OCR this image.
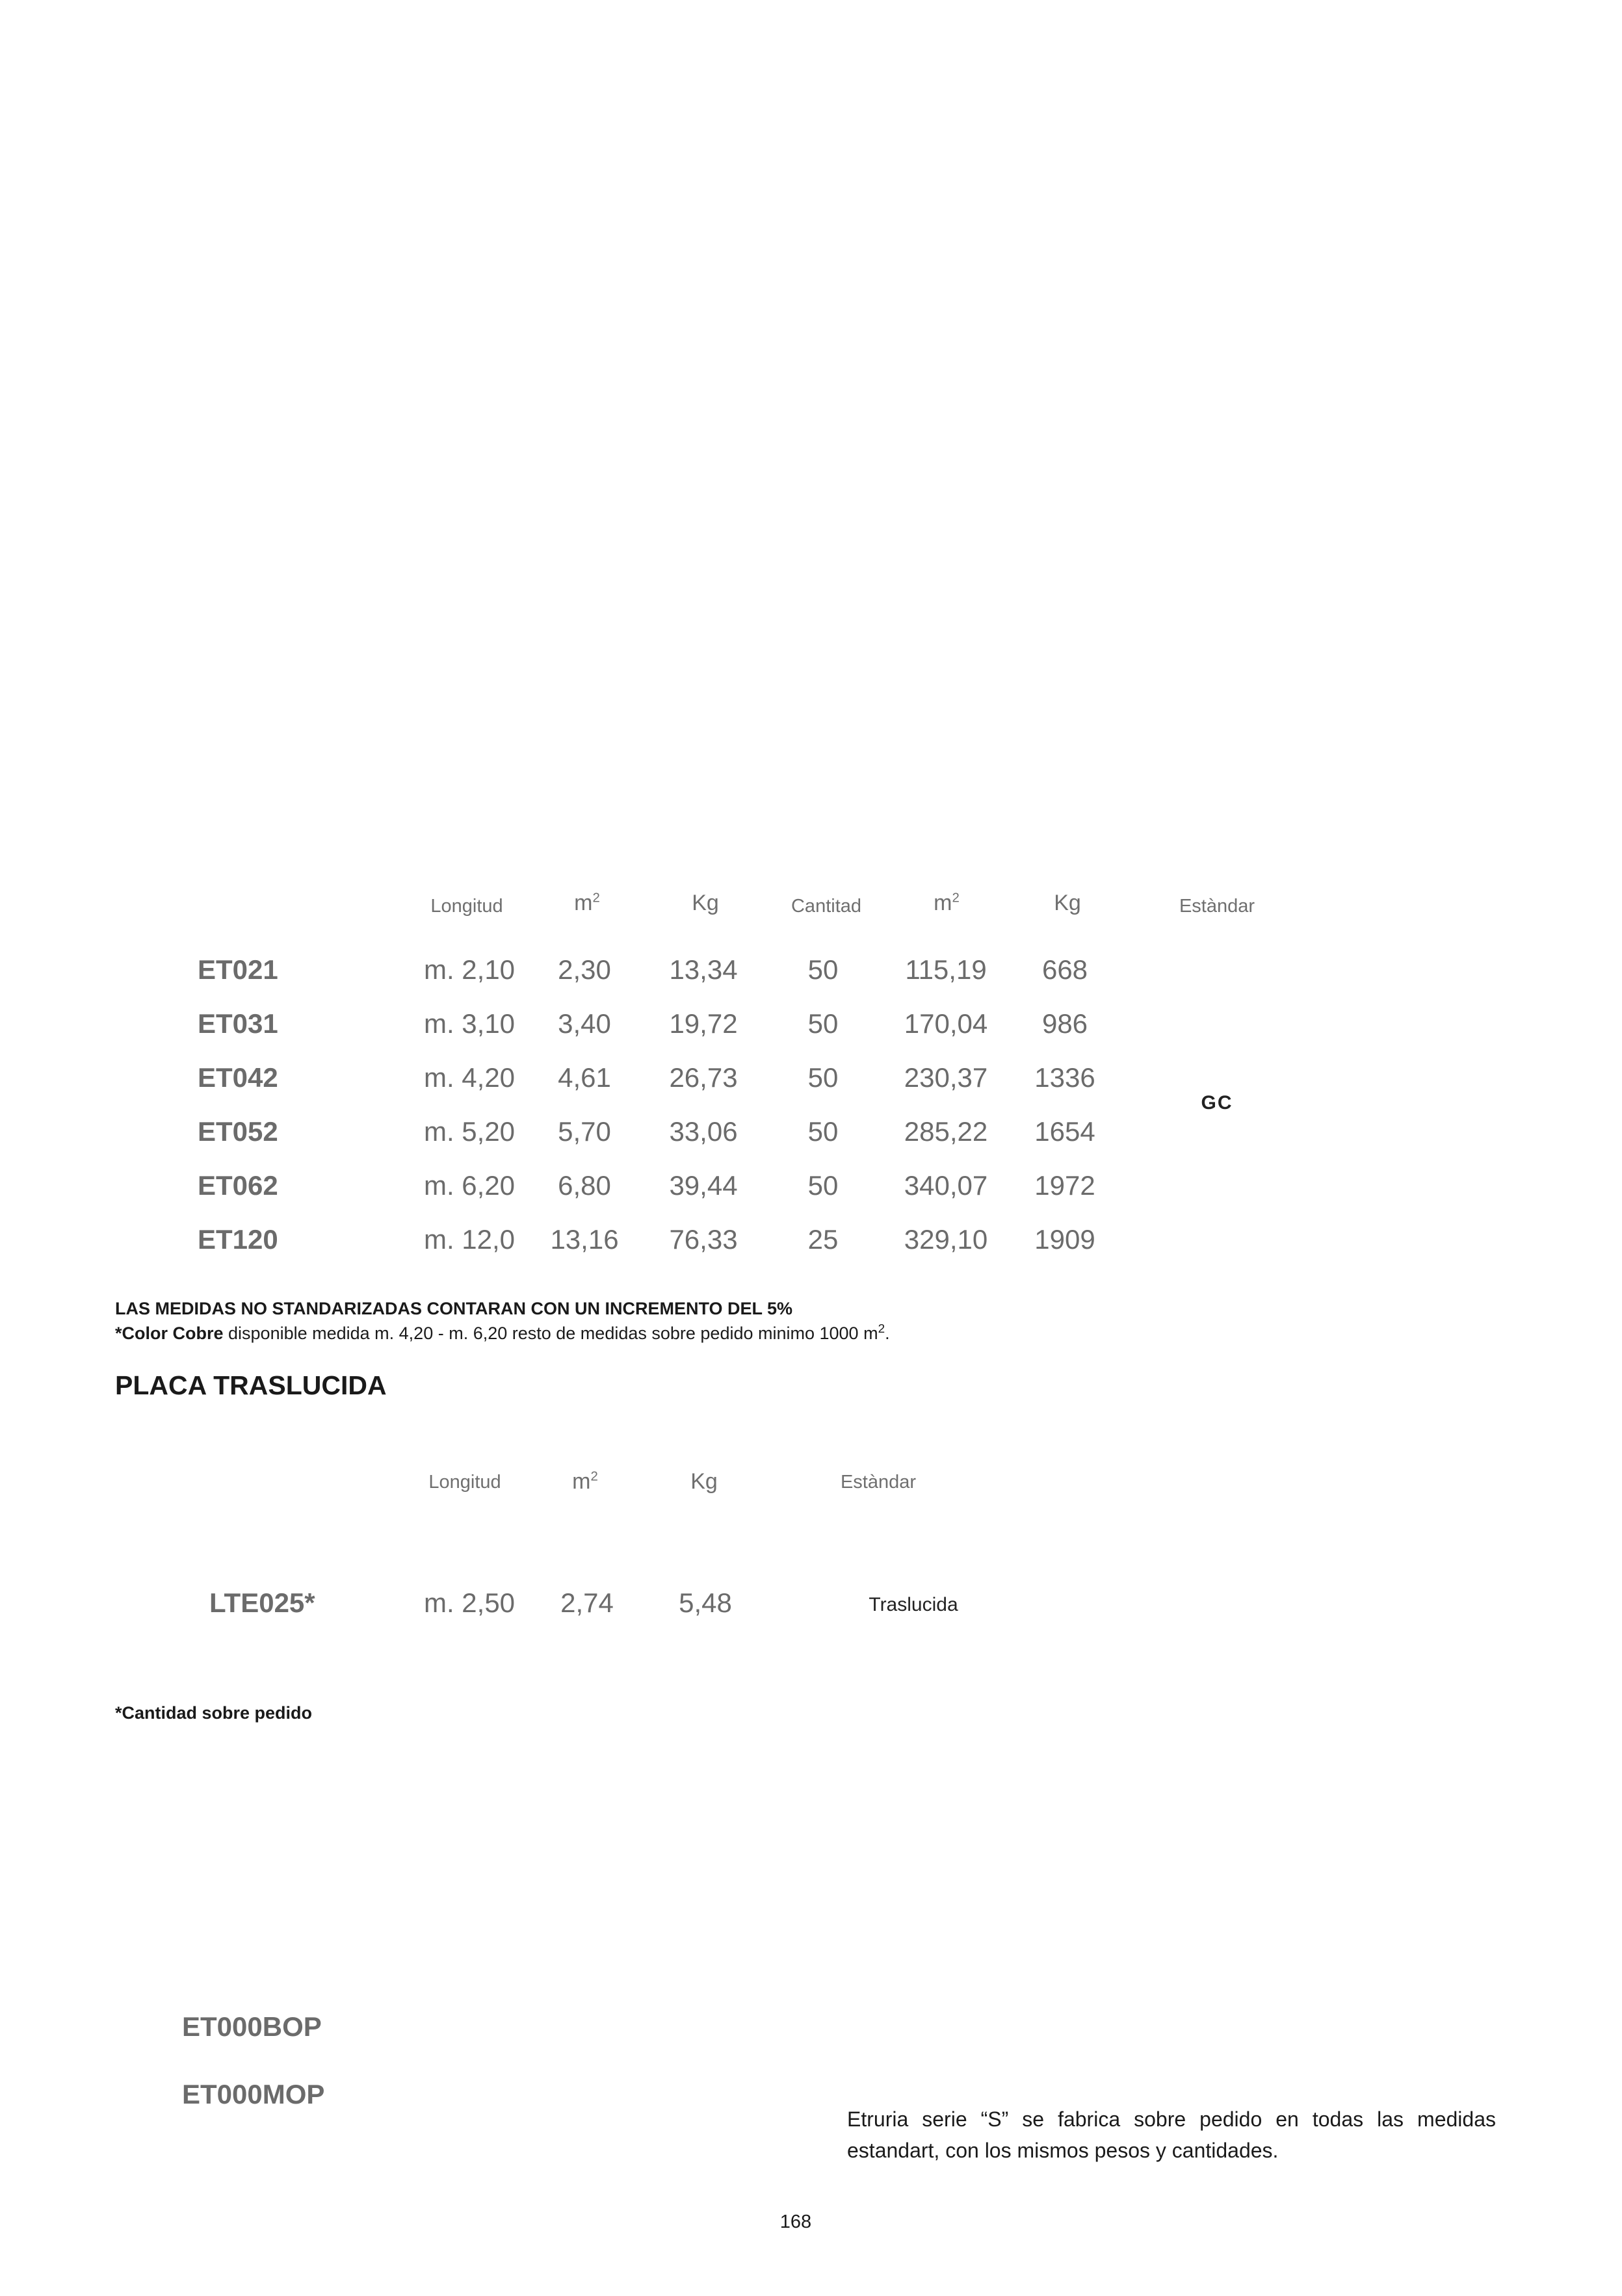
Longitud	$m^2$	Kg	Cantitad	$m^2$	Kg	Estàndar
ET021	m. 2,10 2,30 13,34	50 115,19 668
ET031	m. 3,10 3,40 19,72	50 170,04 986
ET042	m. 4,20 4,61 26,73	50 230,37 1336
ET052	m. 5,20 5,70 33,06	50 285,22 1654
ET062	m. 6,20 6,80 39,44	50 340,07 1972
ET120	m. 12,0 13,16 76,33	25 329,10 1909
GC
LAS MEDIDAS NO STANDARIZADAS CONTARAN CON UN INCREMENTO DEL 5%
*Color Cobre disponible medida m. 4,20 - m. 6,20 resto de medidas sobre pedido minimo 1000 $m^2$.
PLACA TRASLUCIDA
Longitud	$m^2$	Kg	Estàndar
LTE025*	m. 2,50 2,74 5,48	Traslucida
*Cantidad sobre pedido
ET000BOP
ET000MOP
Etruria serie “S” se fabrica sobre pedido en todas las medidas estandart, con los mismos pesos y cantidades.
168
